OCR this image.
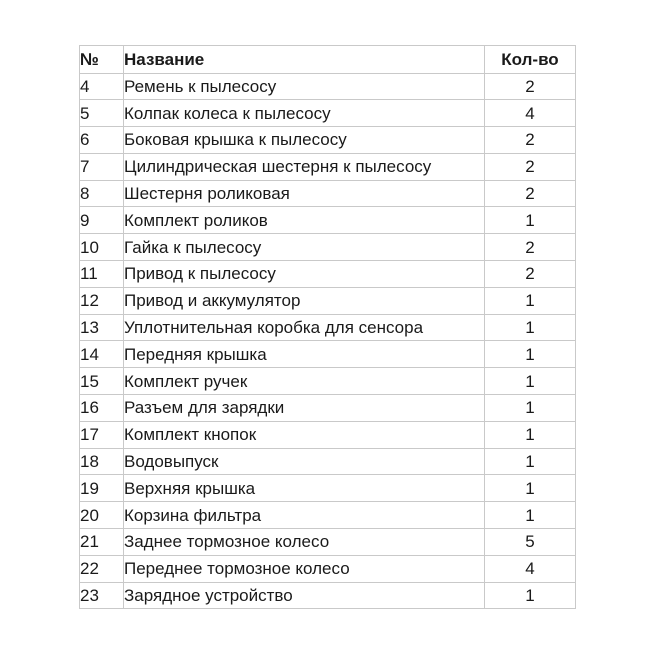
№	Название	Кол-во
4	Ремень к пылесосу	2
5	Колпак колеса к пылесосу	4
6	Боковая крышка к пылесосу	2
7	Цилиндрическая шестерня к пылесосу	2
8	Шестерня роликовая	2
9	Комплект роликов	1
10	Гайка к пылесосу	2
11	Привод к пылесосу	2
12	Привод и аккумулятор	1
13	Уплотнительная коробка для сенсора	1
14	Передняя крышка	1
15	Комплект ручек	1
16	Разъем для зарядки	1
17	Комплект кнопок	1
18	Водовыпуск	1
19	Верхняя крышка	1
20	Корзина фильтра	1
21	Заднее тормозное колесо	5
22	Переднее тормозное колесо	4
23	Зарядное устройство	1
